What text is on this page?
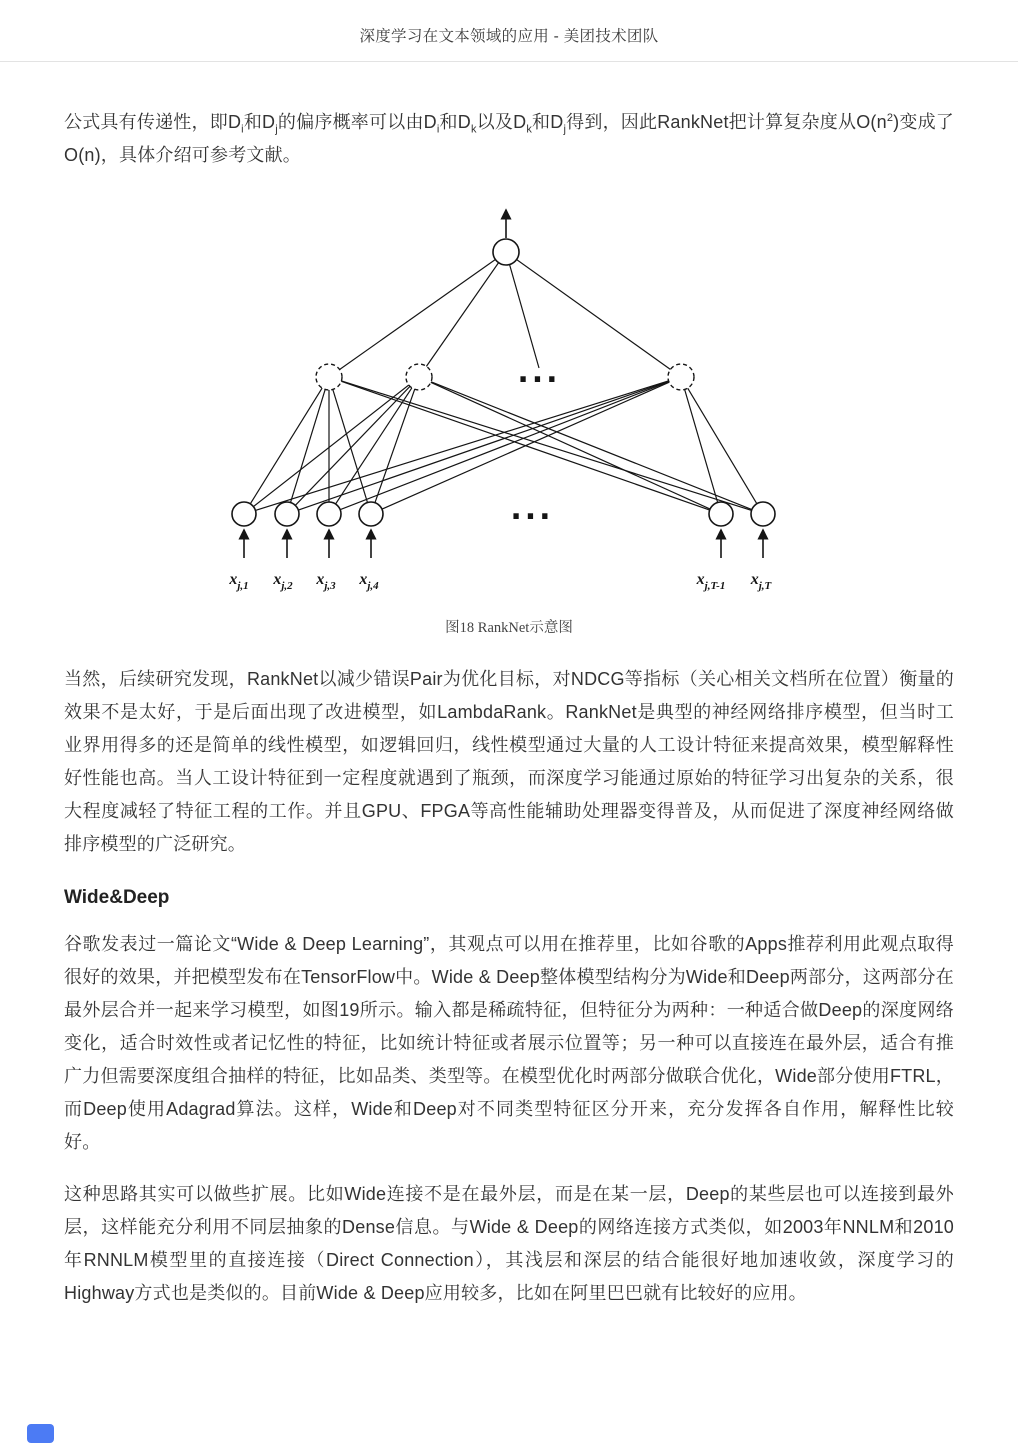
深度学习在文本领域的应用 - 美团技术团队

公式具有传递性，即$D_i$和$D_j$的偏序概率可以由$D_i$和$D_k$以及$D_k$和$D_j$得到，因此RankNet把计算复杂度从$O(n^2)$变成了O(n)，具体介绍可参考文献。

...
...
$x_{j,1}$ $x_{j,2}$ $x_{j,3}$ $x_{j,4}$	$x_{j,T-1}$ $x_{j,T}$
图18 RankNet示意图

当然，后续研究发现，RankNet以减少错误Pair为优化目标，对NDCG等指标（关心相关文档所在位置）衡量的效果不是太好，于是后面出现了改进模型，如LambdaRank。RankNet是典型的神经网络排序模型，但当时工业界用得多的还是简单的线性模型，如逻辑回归，线性模型通过大量的人工设计特征来提高效果，模型解释性好性能也高。当人工设计特征到一定程度就遇到了瓶颈，而深度学习能通过原始的特征学习出复杂的关系，很大程度减轻了特征工程的工作。并且GPU、FPGA等高性能辅助处理器变得普及，从而促进了深度神经网络做排序模型的广泛研究。

Wide&Deep

谷歌发表过一篇论文“Wide & Deep Learning”，其观点可以用在推荐里，比如谷歌的Apps推荐利用此观点取得很好的效果，并把模型发布在TensorFlow中。Wide & Deep整体模型结构分为Wide和Deep两部分，这两部分在最外层合并一起来学习模型，如图19所示。输入都是稀疏特征，但特征分为两种：一种适合做Deep的深度网络变化，适合时效性或者记忆性的特征，比如统计特征或者展示位置等；另一种可以直接连在最外层，适合有推广力但需要深度组合抽样的特征，比如品类、类型等。在模型优化时两部分做联合优化，Wide部分使用FTRL，而Deep使用Adagrad算法。这样，Wide和Deep对不同类型特征区分开来，充分发挥各自作用，解释性比较好。

这种思路其实可以做些扩展。比如Wide连接不是在最外层，而是在某一层，Deep的某些层也可以连接到最外层，这样能充分利用不同层抽象的Dense信息。与Wide & Deep的网络连接方式类似，如2003年NNLM和2010年RNNLM模型里的直接连接（Direct Connection），其浅层和深层的结合能很好地加速收敛，深度学习的Highway方式也是类似的。目前Wide & Deep应用较多，比如在阿里巴巴就有比较好的应用。
